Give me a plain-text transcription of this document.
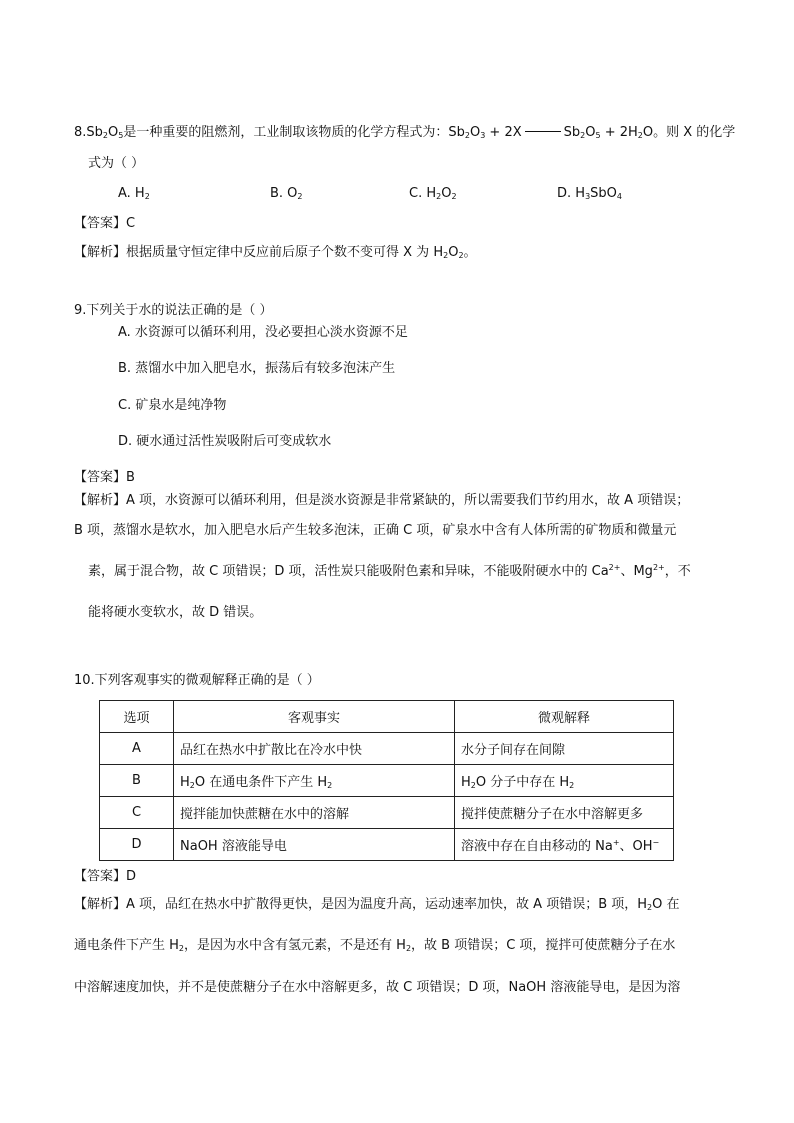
$8.Sb_2O_5$是一种重要的阻燃剂，工业制取该物质的化学方程式为：$Sb_2O_3 + 2X$	$Sb_2O_5 + 2H_2O$。则 X 的化学
式为（ ）
A. $H_2$	B. $O_2$	C. $H_2O_2$	D. $H_3SbO_4$
【答案】C
【解析】根据质量守恒定律中反应前后原子个数不变可得 X 为 $H_2O_2$。
9.下列关于水的说法正确的是（ ）
A. 水资源可以循环利用，没必要担心淡水资源不足
B. 蒸馏水中加入肥皂水，振荡后有较多泡沫产生
C. 矿泉水是纯净物
D. 硬水通过活性炭吸附后可变成软水
【答案】B
【解析】A 项，水资源可以循环利用，但是淡水资源是非常紧缺的，所以需要我们节约用水，故 A 项错误；
B 项，蒸馏水是软水，加入肥皂水后产生较多泡沫，正确 C 项，矿泉水中含有人体所需的矿物质和微量元
素，属于混合物，故 C 项错误；D 项，活性炭只能吸附色素和异味，不能吸附硬水中的 $Ca^{2+}$、$Mg^{2+}$，不
能将硬水变软水，故 D 错误。
10.下列客观事实的微观解释正确的是（ ）
选项	客观事实	微观解释
A	品红在热水中扩散比在冷水中快	水分子间存在间隙
B	$H_2O$ 在通电条件下产生 $H_2$	$H_2O$ 分子中存在 $H_2$
C	搅拌能加快蔗糖在水中的溶解	搅拌使蔗糖分子在水中溶解更多
D	NaOH 溶液能导电	溶液中存在自由移动的 Na+、OH−
【答案】D
【解析】A 项，品红在热水中扩散得更快，是因为温度升高，运动速率加快，故 A 项错误；B 项，$H_2O$ 在
通电条件下产生 $H_2$，是因为水中含有氢元素，不是还有 $H_2$，故 B 项错误；C 项，搅拌可使蔗糖分子在水
中溶解速度加快，并不是使蔗糖分子在水中溶解更多，故 C 项错误；D 项，NaOH 溶液能导电，是因为溶
